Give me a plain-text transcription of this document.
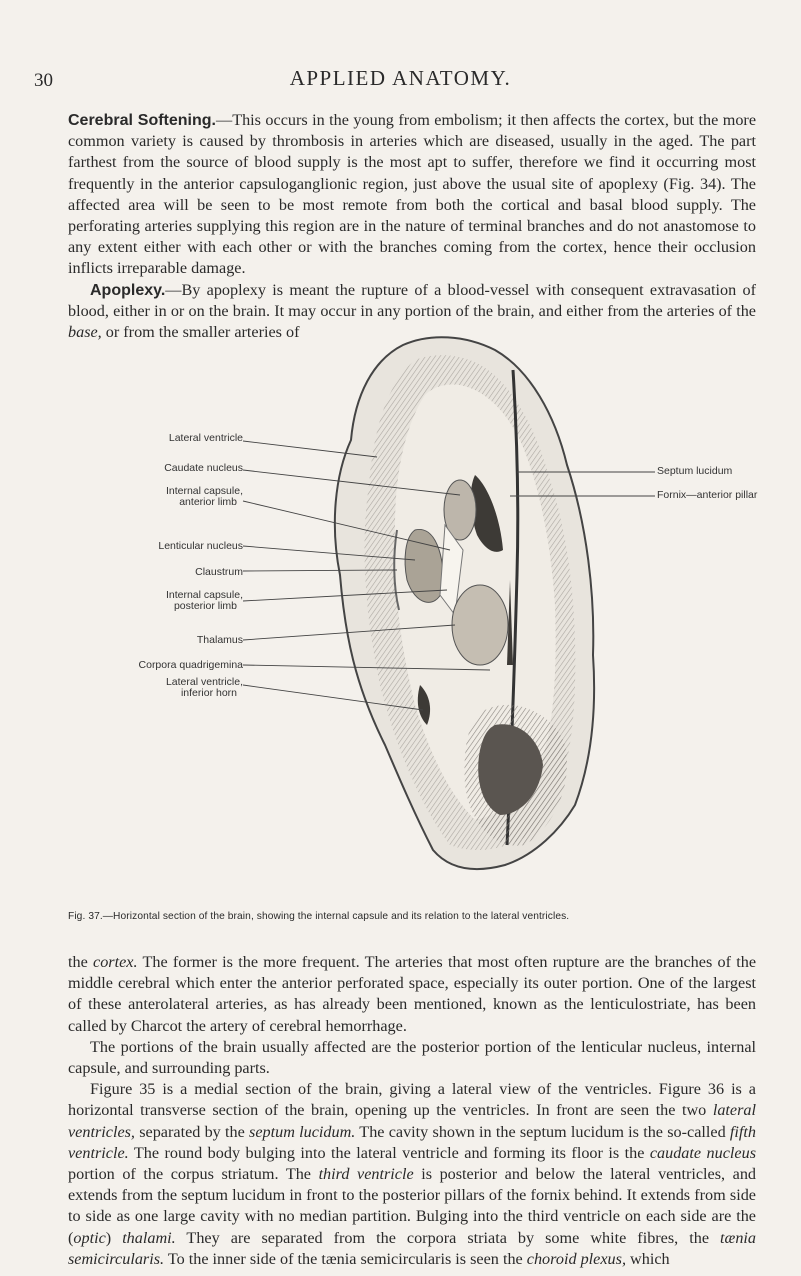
30	APPLIED ANATOMY.

Cerebral Softening.—This occurs in the young from embolism; it then affects the cortex, but the more common variety is caused by thrombosis in arteries which are diseased, usually in the aged. The part farthest from the source of blood supply is the most apt to suffer, therefore we find it occurring most frequently in the anterior capsuloganglionic region, just above the usual site of apoplexy (Fig. 34). The affected area will be seen to be most remote from both the cortical and basal blood supply. The perforating arteries supplying this region are in the nature of terminal branches and do not anastomose to any extent either with each other or with the branches coming from the cortex, hence their occlusion inflicts irreparable damage.

Apoplexy.—By apoplexy is meant the rupture of a blood-vessel with consequent extravasation of blood, either in or on the brain. It may occur in any portion of the brain, and either from the arteries of the base, or from the smaller arteries of

Lateral ventricle
Caudate nucleus
Internal capsule,
anterior limb
Lenticular nucleus
Claustrum
Internal capsule,
posterior limb
Thalamus
Corpora quadrigemina
Lateral ventricle,
inferior horn
Septum lucidum
Fornix—anterior pillar
Fig. 37.—Horizontal section of the brain, showing the internal capsule and its relation to the lateral ventricles.

the cortex. The former is the more frequent. The arteries that most often rupture are the branches of the middle cerebral which enter the anterior perforated space, especially its outer portion. One of the largest of these anterolateral arteries, as has already been mentioned, known as the lenticulostriate, has been called by Charcot the artery of cerebral hemorrhage.

The portions of the brain usually affected are the posterior portion of the lenticular nucleus, internal capsule, and surrounding parts.

Figure 35 is a medial section of the brain, giving a lateral view of the ventricles. Figure 36 is a horizontal transverse section of the brain, opening up the ventricles. In front are seen the two lateral ventricles, separated by the septum lucidum. The cavity shown in the septum lucidum is the so-called fifth ventricle. The round body bulging into the lateral ventricle and forming its floor is the caudate nucleus portion of the corpus striatum. The third ventricle is posterior and below the lateral ventricles, and extends from the septum lucidum in front to the posterior pillars of the fornix behind. It extends from side to side as one large cavity with no median partition. Bulging into the third ventricle on each side are the (optic) thalami. They are separated from the corpora striata by some white fibres, the tænia semicircularis. To the inner side of the tænia semicircularis is seen the choroid plexus, which
